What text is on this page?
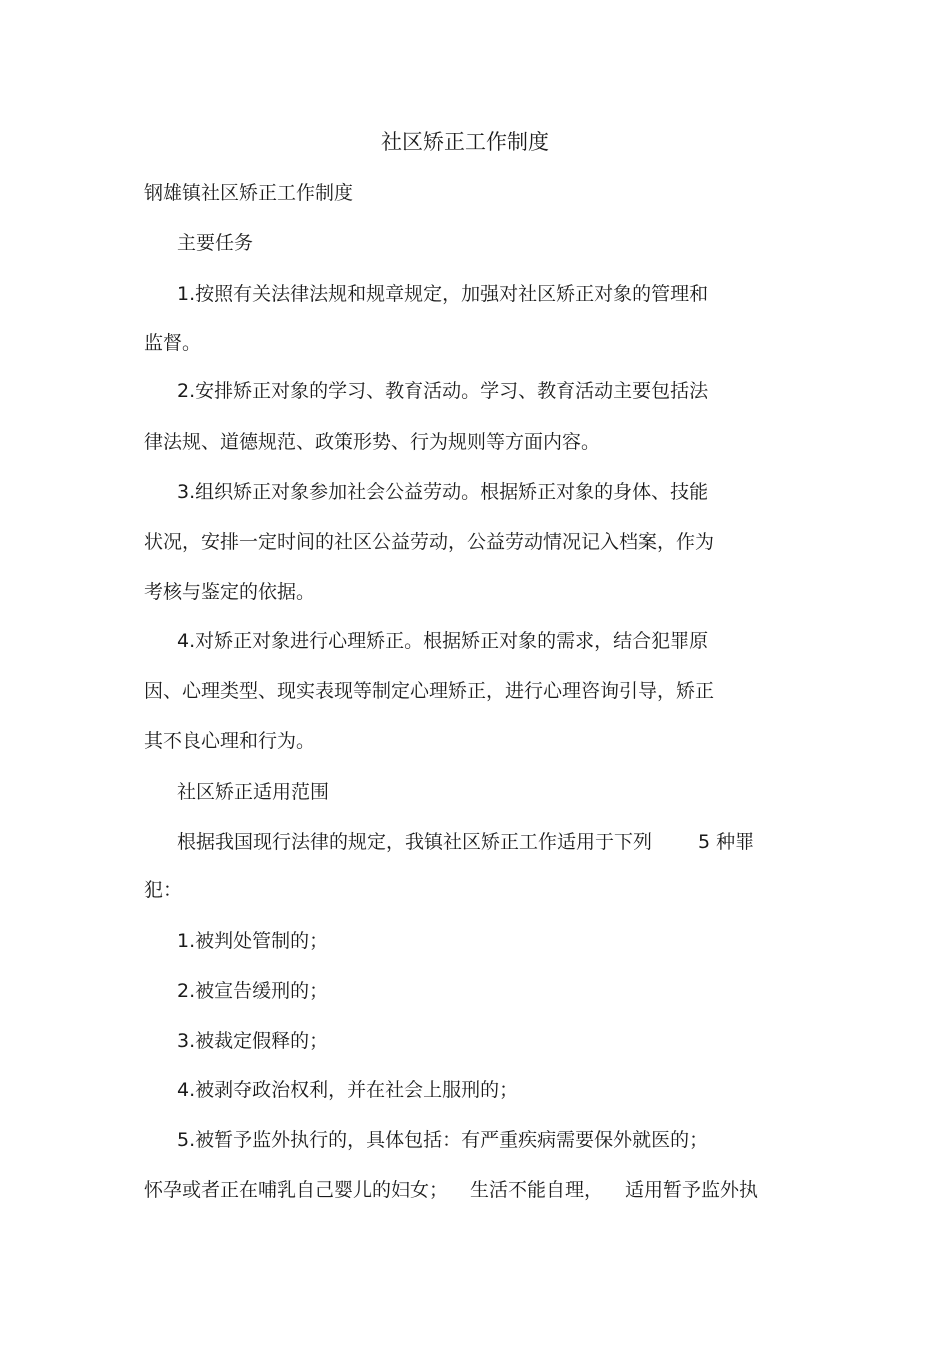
社区矫正工作制度
钢雄镇社区矫正工作制度
主要任务
1.按照有关法律法规和规章规定，加强对社区矫正对象的管理和
监督。
2.安排矫正对象的学习、教育活动。学习、教育活动主要包括法
律法规、道德规范、政策形势、行为规则等方面内容。
3.组织矫正对象参加社会公益劳动。根据矫正对象的身体、技能
状况，安排一定时间的社区公益劳动，公益劳动情况记入档案，作为
考核与鉴定的依据。
4.对矫正对象进行心理矫正。根据矫正对象的需求，结合犯罪原
因、心理类型、现实表现等制定心理矫正，进行心理咨询引导，矫正
其不良心理和行为。
社区矫正适用范围
根据我国现行法律的规定，我镇社区矫正工作适用于下列 5 种罪
犯：
1.被判处管制的；
2.被宣告缓刑的；
3.被裁定假释的；
4.被剥夺政治权利，并在社会上服刑的；
5.被暂予监外执行的，具体包括：有严重疾病需要保外就医的；
怀孕或者正在哺乳自己婴儿的妇女； 生活不能自理， 适用暂予监外执
